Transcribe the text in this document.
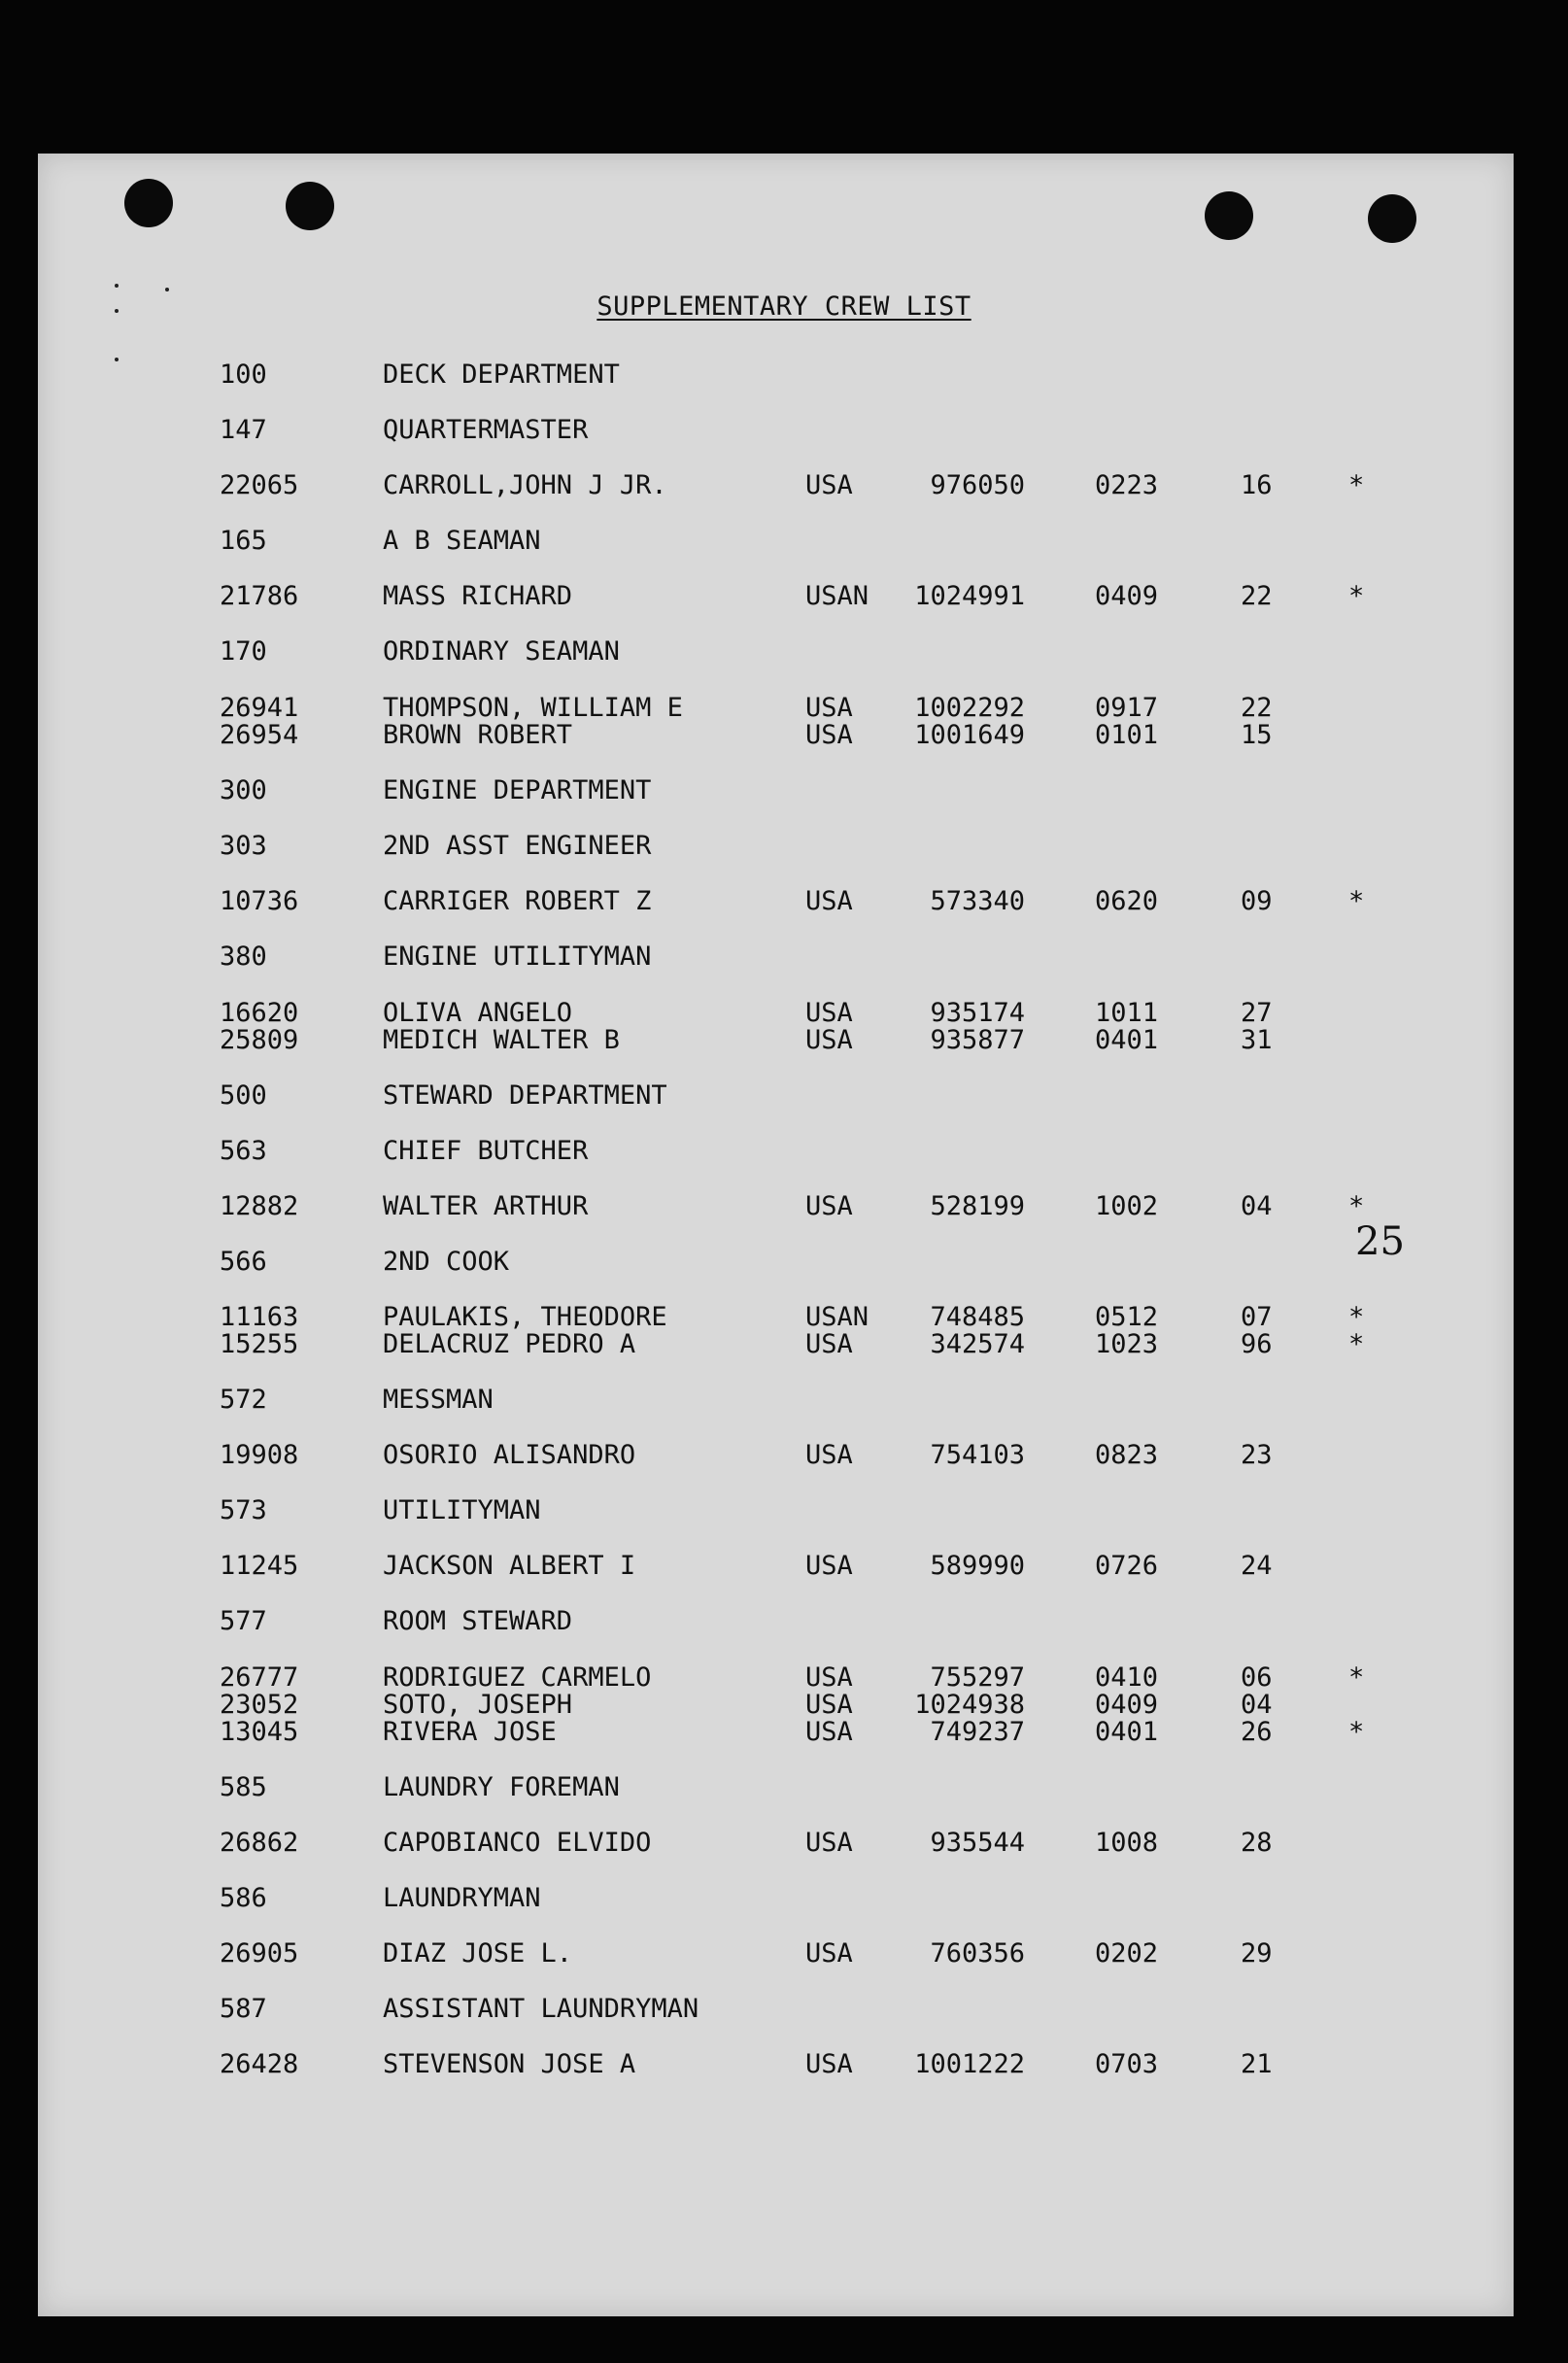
SUPPLEMENTARY CREW LIST
100	DECK DEPARTMENT
147	QUARTERMASTER
22065	CARROLL,JOHN J JR.	USA	976050	0223	16	*
165	A B SEAMAN
21786	MASS RICHARD	USAN	1024991	0409	22	*
170	ORDINARY SEAMAN
26941	THOMPSON, WILLIAM E	USA	1002292	0917	22
26954	BROWN ROBERT	USA	1001649	0101	15
300	ENGINE DEPARTMENT
303	2ND ASST ENGINEER
10736	CARRIGER ROBERT Z	USA	573340	0620	09	*
380	ENGINE UTILITYMAN
16620	OLIVA ANGELO	USA	935174	1011	27
25809	MEDICH WALTER B	USA	935877	0401	31
500	STEWARD DEPARTMENT
563	CHIEF BUTCHER
12882	WALTER ARTHUR	USA	528199	1002	04	*
566	2ND COOK
11163	PAULAKIS, THEODORE	USAN	748485	0512	07	*
15255	DELACRUZ PEDRO A	USA	342574	1023	96	*
572	MESSMAN
19908	OSORIO ALISANDRO	USA	754103	0823	23
573	UTILITYMAN
11245	JACKSON ALBERT I	USA	589990	0726	24
577	ROOM STEWARD
26777	RODRIGUEZ CARMELO	USA	755297	0410	06	*
23052	SOTO, JOSEPH	USA	1024938	0409	04
13045	RIVERA JOSE	USA	749237	0401	26	*
585	LAUNDRY FOREMAN
26862	CAPOBIANCO ELVIDO	USA	935544	1008	28
586	LAUNDRYMAN
26905	DIAZ JOSE L.	USA	760356	0202	29
587	ASSISTANT LAUNDRYMAN
26428	STEVENSON JOSE A	USA	1001222	0703	21
25
